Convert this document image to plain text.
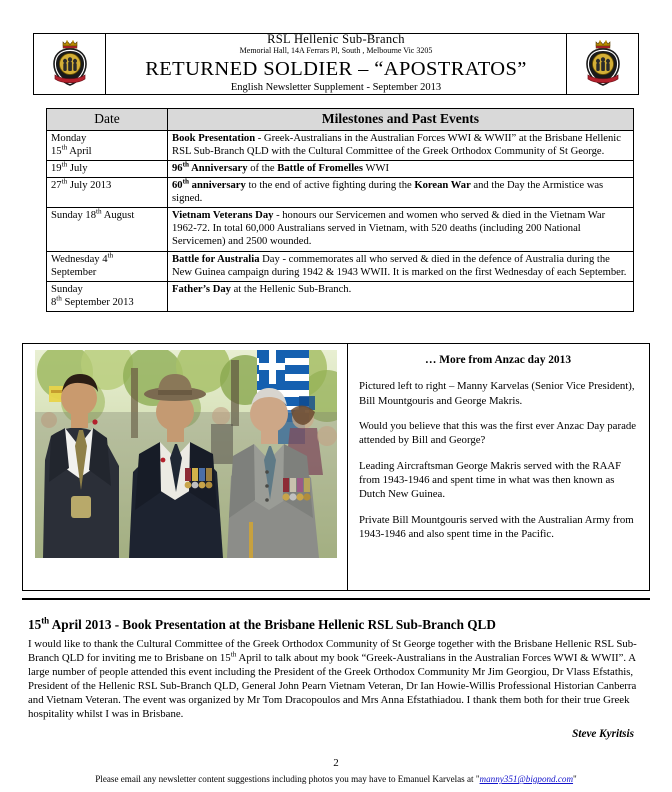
RSL Hellenic Sub-Branch
Memorial Hall, 14A Ferrars Pl, South , Melbourne Vic 3205
RETURNED SOLDIER – “APOSTRATOS”
English Newsletter Supplement - September 2013
Date	Milestones and Past Events
Monday
15th April	Book Presentation - Greek-Australians in the Australian Forces WWI & WWII” at the Brisbane Hellenic RSL Sub-Branch QLD with the Cultural Committee of the Greek Orthodox Community of St George.
19th July	96th Anniversary of the Battle of Fromelles WWI
27th July 2013	60th anniversary to the end of active fighting during the Korean War and the Day the Armistice was signed.
Sunday 18th August	Vietnam Veterans Day - honours our Servicemen and women who served & died in the Vietnam War 1962-72. In total 60,000 Australians served in Vietnam, with 520 deaths (including 200 National Servicemen) and 2500 wounded.
Wednesday 4th
September	Battle for Australia Day - commemorates all who served & died in the defence of Australia during the New Guinea campaign during 1942 & 1943 WWII. It is marked on the first Wednesday of each September.
Sunday
8th September 2013	Father’s Day at the Hellenic Sub-Branch.
… More from Anzac day 2013

Pictured left to right – Manny Karvelas (Senior Vice President), Bill Mountgouris and George Makris.

Would you believe that this was the first ever Anzac Day parade attended by Bill and George?

Leading Aircraftsman George Makris served with the RAAF from 1943-1946 and spent time in what was then known as Dutch New Guinea.

Private Bill Mountgouris served with the Australian Army from 1943-1946 and also spent time in the Pacific.

15th April 2013 - Book Presentation at the Brisbane Hellenic RSL Sub-Branch QLD
I would like to thank the Cultural Committee of the Greek Orthodox Community of St George together with the Brisbane Hellenic RSL Sub-Branch QLD for inviting me to Brisbane on 15th April to talk about my book “Greek-Australians in the Australian Forces WWI & WWII”. A large number of people attended this event including the President of the Greek Orthodox Community Mr Jim Georgiou, Dr Vlass Efstathis, President of the Hellenic RSL Sub-Branch QLD, General John Pearn Vietnam Veteran, Dr Ian Howie-Willis Professional Historian Canberra and Vietnam Veteran. The event was organized by Mr Tom Dracopoulos and Mrs Anna Efstathiadou. I thank them both for their true Greek hospitality whilst I was in Brisbane.
Steve Kyritsis
2
Please email any newsletter content suggestions including photos you may have to Emanuel Karvelas at "manny351@bigpond.com"
